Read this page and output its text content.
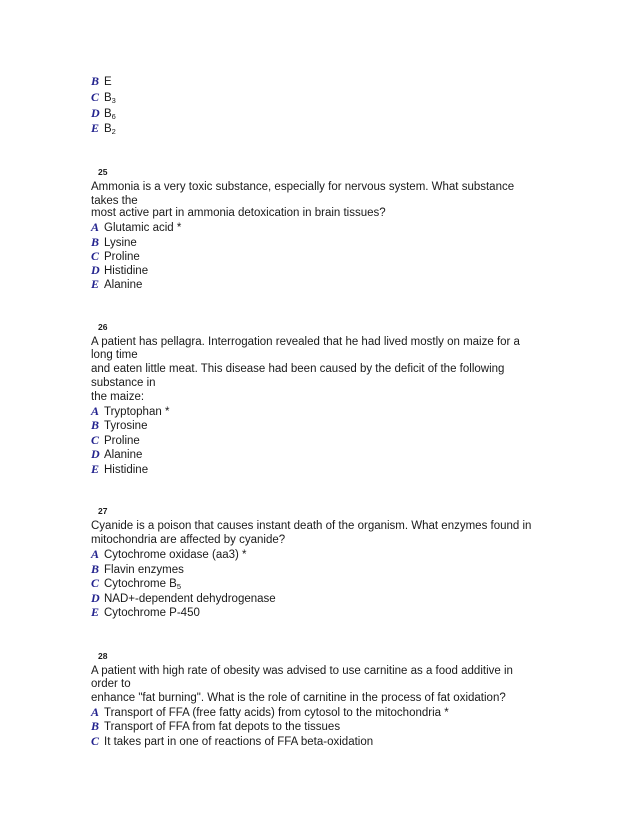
B E
C $B_3$
D $B_6$
E $B_2$
25
Ammonia is a very toxic substance, especially for nervous system. What substance
takes the
most active part in ammonia detoxication in brain tissues?
A Glutamic acid *
B Lysine
C Proline
D Histidine
E Alanine
26
A patient has pellagra. Interrogation revealed that he had lived mostly on maize for a
long time
and eaten little meat. This disease had been caused by the deficit of the following
substance in
the maize:
A Tryptophan *
B Tyrosine
C Proline
D Alanine
E Histidine
27
Cyanide is a poison that causes instant death of the organism. What enzymes found in
mitochondria are affected by cyanide?
A Cytochrome oxidase (aa3) *
B Flavin enzymes
C Cytochrome $B_5$
D NAD+-dependent dehydrogenase
E Cytochrome P-450
28
A patient with high rate of obesity was advised to use carnitine as a food additive in
order to
enhance "fat burning". What is the role of carnitine in the process of fat oxidation?
A Transport of FFA (free fatty acids) from cytosol to the mitochondria *
B Transport of FFA from fat depots to the tissues
C It takes part in one of reactions of FFA beta-oxidation
